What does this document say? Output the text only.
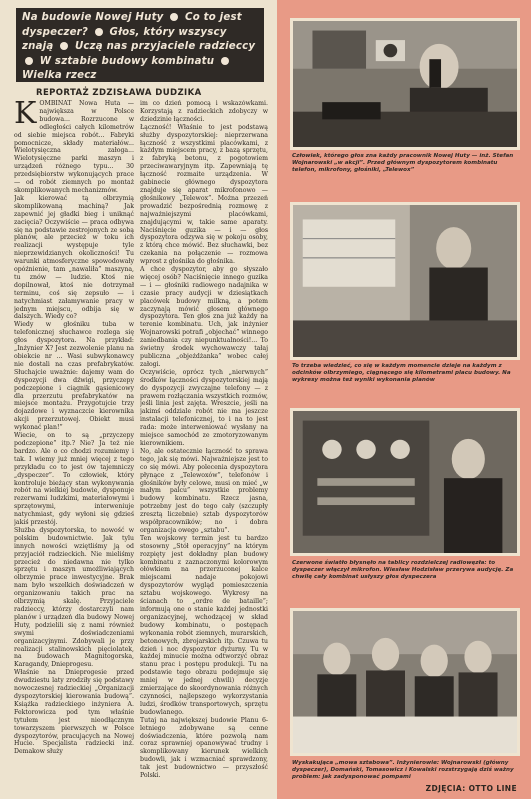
Na budowie Nowej Huty Co to jest dyspeczer? Głos, który wszyscy znają Uczą nas przyjaciele radzieccy  W sztabie budowy kombinatu  Wielka rzecz
REPORTAŻ ZDZISŁAWA DUDZIKA
KOMBINAT Nowa Huta — największa w Polsce budowa... Rozrzucone w odległości całych kilometrów od siebie miejsca robót... Fabryki pomocnicze, składy materiałów... Wielotysięczna załoga... Wielotysięczne parki maszyn i urządzeń różnego typu... 30 przedsiębiorstw wykonujących prace — od robót ziemnych po montaż skomplikowanych mechanizmów.
Jak kierować tą olbrzymią skomplikowaną machiną? Jak zapewnić jej gładki bieg i uniknąć zacięcia? Oczywiście — praca odbywa się na podstawie zestrojonych ze sobą planów, ale przecież w toku ich realizacji występuje tyle nieprzewidzianych okoliczności! Tu warunki atmosferyczne spowodowały opóźnienie, tam „nawaliła” maszyna, tu znów — ludzie. Ktoś nie dopilnował, ktoś nie dotrzymał terminu, coś się zepsuło — i natychmiast załamywanie pracy w jednym miejscu, odbija się w dalszych. Wiedy co?
Wiedy w głośniku tuba w telefonicznej słuchawce rozlega się głos dyspozytora. Na przykład: „Inżynier X? Jest zezwolenie planu na obiekcie nr ... Wasi subwykonawcy nie dostali na czas prefabrykatów. Słuchajcie uważnie: dajemy wam do dyspozycji dwa dźwigi, przyczepy podczepione i ciągnik gąsienicowy dla przerzutu prefabrykatów na miejsce montażu. Przygotujcie trzy dojazdowe i wyznaczcie kierownika akcji przerzutowej. Obiekt musi wykonać plan!”
Wiecie, on to są „przyczepy podczepione” itp.? Nie? Ja też nie bardzo. Ale o co chodzi rozumiemy i tak. I wiemy już mniej więcej z tego przykładu co to jest ów tajemniczy „dyspeczer”. To człowiek, który kontroluje bieżący stan wykonywania robót na wielkiej budowie, dysponuje rezerwami ludzkimi, materiałowymi i sprzętowymi, interweniuje natychmiast, gdy wyłoni się gdzieś jakiś przestój.
Służba dyspozytorska, to nowość w polskim budownictwie. Jak tylu innych nowości wziętliśmy ją od przyjaciół radzieckich. Nie mieliśmy przecież do niedawna nie tylko sprzętu i maszyn umożliwiających olbrzymie prace inwestycyjne. Brak nam było wszelkich doświadczeń w organizowaniu takich prac na olbrzymią skalę. Przyjaciele radzieccy, którzy dostarczyli nam planów i urządzeń dla budowy Nowej Huty, podzielili się z nami również swymi doświadczeniami organizacyjnymi. Zdobywali je przy realizacji stalinowskich pięciolatek, na budowach Magnitogorska, Karagandy, Dnieprogesu.
Właśnie na Dnieprogesie przed dwudziestu laty zrodziły się podstawy nowoczesnej radzieckiej „Organizacji dyspozytorskiej kierowania budową”. Książka radzieckiego inżyniera A. Fektorowicza pod tym właśnie tytułem jest nieodłącznym towarzyszem pierwszych w Polsce dyspozytorów, pracujących na Nowej Hucie. Specjalista radziecki inż. Demakow służy
im co dzień pomocą i wskazówkami. Korzystają z radzieckich zdobyczy w dziedzinie łączności.
Łączność! Właśnie to jest podstawą służby dyspozytorskiej: nieprzerwana łączność z wszystkimi placówkami, z każdym miejscem pracy, z bazą sprzętu, z fabryką betonu, z pogotowiem przeciwawaryjnym itp. Zapewniają tę łączność rozmaite urządzenia. W gabinecie głównego dyspozytora znajduje się aparat mikrofonowo — głośnikowy „Telewox”. Można przezeń prowadzić bezpośrednią rozmowę z najważniejszymi placówkami, znajdującymi w, takie same aparaty. Naciśnięcie guzika — i — głos dyspozytora odzywa się w pokoju osoby, z którą chce mówić. Bez słuchawki, bez czekania na połączenie — rozmowa wprost z głośnika do głośnika.
A chce dyspozytor, aby go słyszało więcej osób? Naciśnięcie innego guzika — i — głośniki radiowego nadajnika w czasie pracy audycji w dziesiątkach placówek budowy milkną, a potem zaczynają mówić głosem głównego dyspozytora. Ten głos zna już każdy na terenie kombinatu. Uch, jak inżynier Wojnarowski potrafi „objechać” winnego zaniedbania czy niepunktualności!... To świetny środek wychowawczy tałaj publiczna „objeżdżanka” wobec całej załogi.
Oczywiście, oprócz tych „nierwnych” środków łączności dyspozytorskiej mają do dyspozycji zwyczajne telefony — z prawem rozłączania wszystkich rozmów, jeśli linia jest zajęta. Wreszcie, jeśli na jakimś oddziale robót nie ma jeszcze instalacji telefonicznej, to i na to jest rada: może interweniować wysłany na miejsce samochód ze zmotoryzowanym kierownikiem.
No, ale ostatecznie łączność to sprawa tego, jak się mówi. Najważniejsze jest to co się mówi. Aby polecenia dyspozytora płynące z „Telewoxów”, telefonów i głośników były celowe, musi on mieć „w małym palcu” wszystkie problemy budowy kombinatu. Rzecz jasna, potrzebny jest do tego cały (szczupły zresztą liczebnie) sztab dyspozytorów współpracowników; no i dobra organizacja owego „sztabu”.
Ten wojskowy termin jest tu bardzo stosowny „Stół operacyjny” na którym rozpięty jest dokładny plan budowy kombinatu z zaznaczonymi kolorowym ołówkiem na przerzuconej kalce miejscami nadaje pokojowi dyspozytorów wygląd pomieszczenia sztabu wojskowego. Wykresy na ścianach to „ordre de bataille”; informują one o stanie każdej jednostki organizacyjnej, wchodzącej w skład budowy kombinatu, o postępach wykonania robót ziemnych, murarskich, betonowych, zbrojarskich itp. Czuwa tu dzień i noc dyspozytor dyżurny. Tu w każdej minucie można odtworzyć obraz stanu prac i postępu produkcji. Tu na podstawie tego obrazu podejmuje się mniej w jednej chwili) decyzje zmierzające do skoordynowania różnych czynności, najlepszego wykorzystania ludzi, środków transportowych, sprzętu budowlanego.
Tutaj na największej budowie Planu 6-letniego zdobywane są cenne doświadczenia, które pozwolą nam coraz sprawniej opanowywać trudny i skomplikowany kierunek wielkich budowli, jak i wzmacniać sprawdzony, tak jest budownictwo — przyszłość Polski.
Człowiek, którego głos zna każdy pracownik Nowej Huty — inż. Stefan Wojnarowski „w akcji”. Przed głównym dyspozytorem kombinatu telefon, mikrofony, głośniki, „Telewox”
To trzeba wiedzieć, co się w każdym momencie dzieje na każdym z odcinków olbrzymiego, ciągnącego się kilometrami placu budowy. Na wykresy można też wyniki wykonania planów
Czerwone światło błysnęło na tablicy rozdzielczej radiowęzła: to dyspeczer włączył mikrofon. Wiesław Hodzisław przerywa audycję. Za chwilę cały kombinat usłyszy głos dyspeczera
Wyskakująca „mowa sztabowa”. Inżynierowie: Wojnarowski (główny dyspeczer), Domański, Tomasowicz i Kowalski rozstrzygają dziś ważny problem: jak zadysponować pompami
ZDJĘCIA: OTTO LINE
